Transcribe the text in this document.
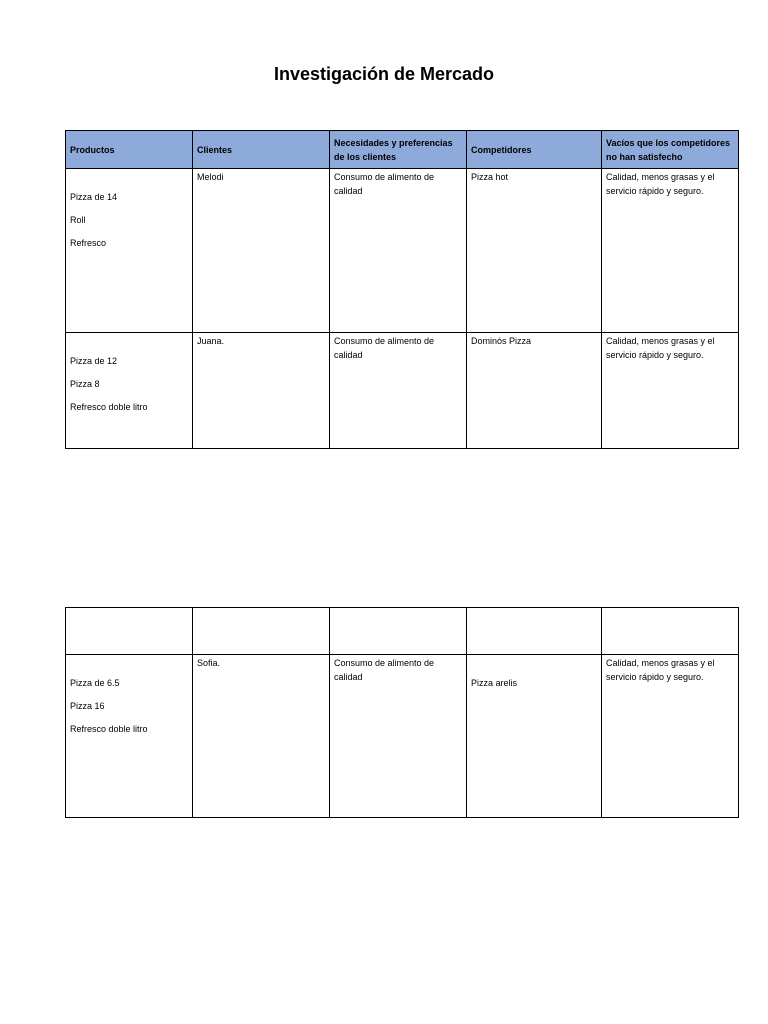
Investigación de Mercado
Productos	Clientes	Necesidades y preferencias de los clientes	Competidores	Vacíos que los competidores no han satisfecho

Pizza de 14
Roll
Refresco	Melodi	Consumo de alimento de calidad	Pizza hot	Calidad, menos grasas y el servicio rápido y seguro.

Pizza de 12
Pizza 8
Refresco doble litro	Juana.	Consumo de alimento de calidad	Dominós Pizza	Calidad, menos grasas y el servicio rápido y seguro.

Pizza de 6.5
Pizza 16
Refresco doble litro	Sofia.	Consumo de alimento de calidad	Pizza arelis	Calidad, menos grasas y el servicio rápido y seguro.
